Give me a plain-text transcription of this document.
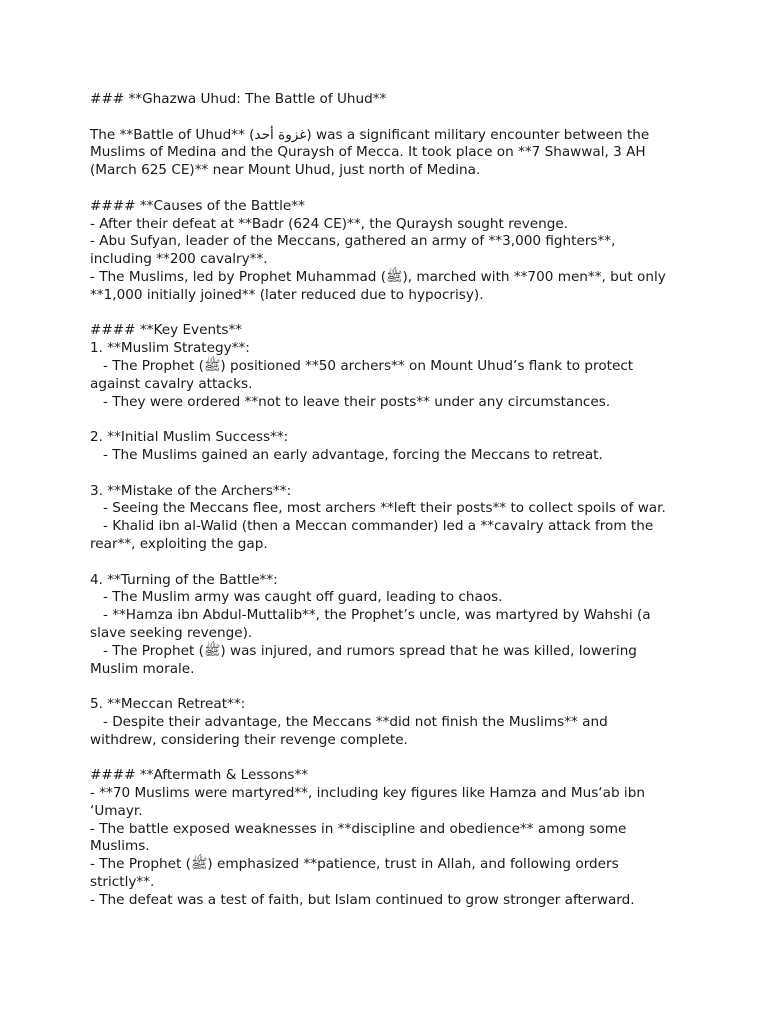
### **Ghazwa Uhud: The Battle of Uhud**
The **Battle of Uhud** (غزوة أحد) was a significant military encounter between the
Muslims of Medina and the Quraysh of Mecca. It took place on **7 Shawwal, 3 AH
(March 625 CE)** near Mount Uhud, just north of Medina.
#### **Causes of the Battle**
- After their defeat at **Badr (624 CE)**, the Quraysh sought revenge.
- Abu Sufyan, leader of the Meccans, gathered an army of **3,000 fighters**,
including **200 cavalry**.
- The Muslims, led by Prophet Muhammad (ﷺ), marched with **700 men**, but only
**1,000 initially joined** (later reduced due to hypocrisy).
#### **Key Events**
1. **Muslim Strategy**:
- The Prophet (ﷺ) positioned **50 archers** on Mount Uhud’s flank to protect
against cavalry attacks.
- They were ordered **not to leave their posts** under any circumstances.
2. **Initial Muslim Success**:
- The Muslims gained an early advantage, forcing the Meccans to retreat.
3. **Mistake of the Archers**:
- Seeing the Meccans flee, most archers **left their posts** to collect spoils of war.
- Khalid ibn al-Walid (then a Meccan commander) led a **cavalry attack from the
rear**, exploiting the gap.
4. **Turning of the Battle**:
- The Muslim army was caught off guard, leading to chaos.
- **Hamza ibn Abdul-Muttalib**, the Prophet’s uncle, was martyred by Wahshi (a
slave seeking revenge).
- The Prophet (ﷺ) was injured, and rumors spread that he was killed, lowering
Muslim morale.
5. **Meccan Retreat**:
- Despite their advantage, the Meccans **did not finish the Muslims** and
withdrew, considering their revenge complete.
#### **Aftermath & Lessons**
- **70 Muslims were martyred**, including key figures like Hamza and Mus‘ab ibn
‘Umayr.
- The battle exposed weaknesses in **discipline and obedience** among some
Muslims.
- The Prophet (ﷺ) emphasized **patience, trust in Allah, and following orders
strictly**.
- The defeat was a test of faith, but Islam continued to grow stronger afterward.
